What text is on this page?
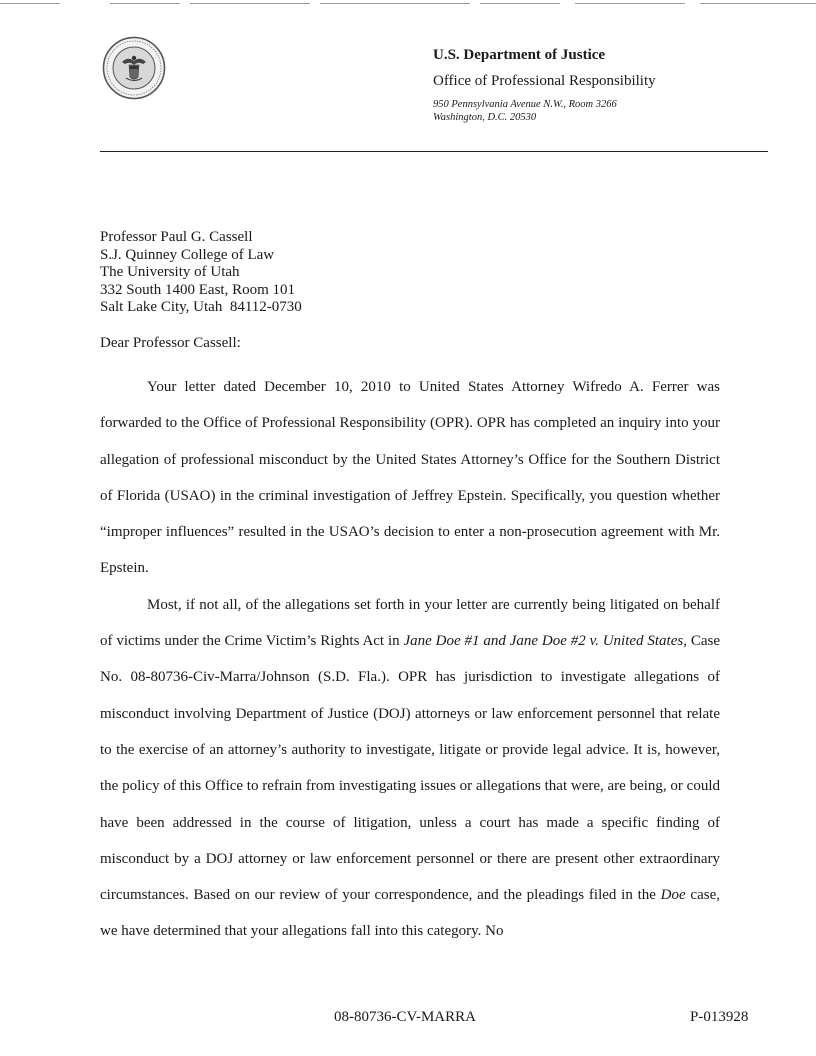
U.S. Department of Justice

Office of Professional Responsibility

950 Pennsylvania Avenue N.W., Room 3266
Washington, D.C. 20530

Professor Paul G. Cassell
S.J. Quinney College of Law
The University of Utah
332 South 1400 East, Room 101
Salt Lake City, Utah  84112-0730
Dear Professor Cassell:

Your letter dated December 10, 2010 to United States Attorney Wifredo A. Ferrer was forwarded to the Office of Professional Responsibility (OPR). OPR has completed an inquiry into your allegation of professional misconduct by the United States Attorney’s Office for the Southern District of Florida (USAO) in the criminal investigation of Jeffrey Epstein. Specifically, you question whether “improper influences” resulted in the USAO’s decision to enter a non-prosecution agreement with Mr. Epstein.

Most, if not all, of the allegations set forth in your letter are currently being litigated on behalf of victims under the Crime Victim’s Rights Act in Jane Doe #1 and Jane Doe #2 v. United States, Case No. 08-80736-Civ-Marra/Johnson (S.D. Fla.). OPR has jurisdiction to investigate allegations of misconduct involving Department of Justice (DOJ) attorneys or law enforcement personnel that relate to the exercise of an attorney’s authority to investigate, litigate or provide legal advice. It is, however, the policy of this Office to refrain from investigating issues or allegations that were, are being, or could have been addressed in the course of litigation, unless a court has made a specific finding of misconduct by a DOJ attorney or law enforcement personnel or there are present other extraordinary circumstances. Based on our review of your correspondence, and the pleadings filed in the Doe case, we have determined that your allegations fall into this category. No

08-80736-CV-MARRA	P-013928
